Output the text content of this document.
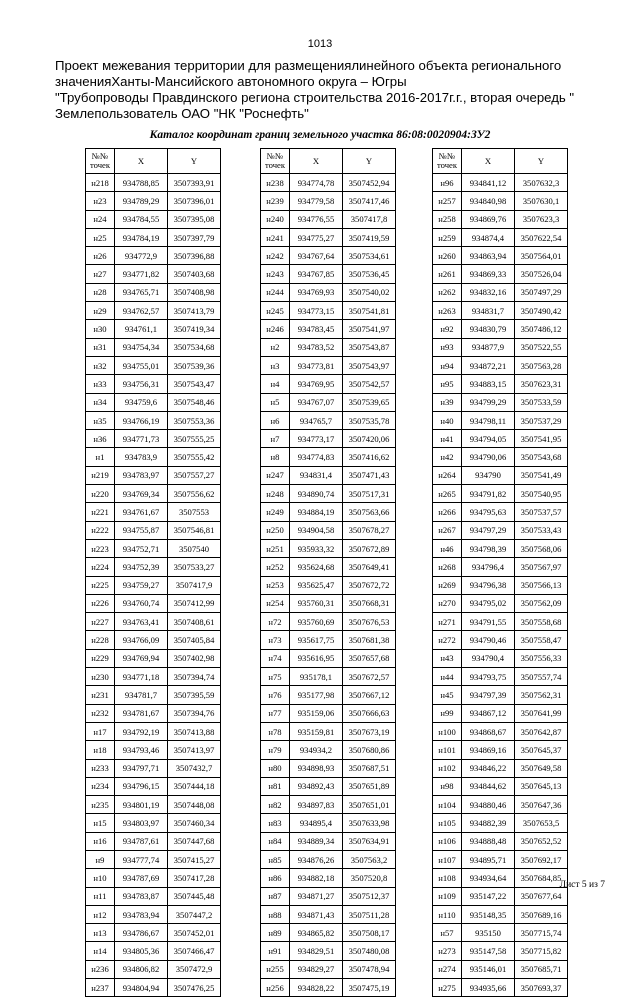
1013
Проект межевания территории для размещениялинейного объекта регионального
значенияХанты-Мансийского автономного округа – Югры
"Трубопроводы Правдинского региона строительства 2016-2017г.г., вторая очередь "
Землепользователь ОАО "НК "Роснефть"
Каталог координат границ земельного участка 86:08:0020904:ЗУ2
№№
точек	X	Y
н218	934788,85	3507393,91
н23	934789,29	3507396,01
н24	934784,55	3507395,08
н25	934784,19	3507397,79
н26	934772,9	3507396,88
н27	934771,82	3507403,68
н28	934765,71	3507408,98
н29	934762,57	3507413,79
н30	934761,1	3507419,34
н31	934754,34	3507534,68
н32	934755,01	3507539,36
н33	934756,31	3507543,47
н34	934759,6	3507548,46
н35	934766,19	3507553,36
н36	934771,73	3507555,25
н1	934783,9	3507555,42
н219	934783,97	3507557,27
н220	934769,34	3507556,62
н221	934761,67	3507553
н222	934755,87	3507546,81
н223	934752,71	3507540
н224	934752,39	3507533,27
н225	934759,27	3507417,9
н226	934760,74	3507412,99
н227	934763,41	3507408,61
н228	934766,09	3507405,84
н229	934769,94	3507402,98
н230	934771,18	3507394,74
н231	934781,7	3507395,59
н232	934781,67	3507394,76
н17	934792,19	3507413,88
н18	934793,46	3507413,97
н233	934797,71	3507432,7
н234	934796,15	3507444,18
н235	934801,19	3507448,08
н15	934803,97	3507460,34
н16	934787,61	3507447,68
н9	934777,74	3507415,27
н10	934787,69	3507417,28
н11	934783,87	3507445,48
н12	934783,94	3507447,2
н13	934786,67	3507452,01
н14	934805,36	3507466,47
н236	934806,82	3507472,9
н237	934804,94	3507476,25
№№
точек	X	Y
н238	934774,78	3507452,94
н239	934779,58	3507417,46
н240	934776,55	3507417,8
н241	934775,27	3507419,59
н242	934767,64	3507534,61
н243	934767,85	3507536,45
н244	934769,93	3507540,02
н245	934773,15	3507541,81
н246	934783,45	3507541,97
н2	934783,52	3507543,87
н3	934773,81	3507543,97
н4	934769,95	3507542,57
н5	934767,07	3507539,65
н6	934765,7	3507535,78
н7	934773,17	3507420,06
н8	934774,83	3507416,62
н247	934831,4	3507471,43
н248	934890,74	3507517,31
н249	934884,19	3507563,66
н250	934904,58	3507678,27
н251	935933,32	3507672,89
н252	935624,68	3507649,41
н253	935625,47	3507672,72
н254	935760,31	3507668,31
н72	935760,69	3507676,53
н73	935617,75	3507681,38
н74	935616,95	3507657,68
н75	935178,1	3507672,57
н76	935177,98	3507667,12
н77	935159,06	3507666,63
н78	935159,81	3507673,19
н79	934934,2	3507680,86
н80	934898,93	3507687,51
н81	934892,43	3507651,89
н82	934897,83	3507651,01
н83	934895,4	3507633,98
н84	934889,34	3507634,91
н85	934876,26	3507563,2
н86	934882,18	3507520,8
н87	934871,27	3507512,37
н88	934871,43	3507511,28
н89	934865,82	3507508,17
н91	934829,51	3507480,08
н255	934829,27	3507478,94
н256	934828,22	3507475,19
№№
точек	X	Y
н96	934841,12	3507632,3
н257	934840,98	3507630,1
н258	934869,76	3507623,3
н259	934874,4	3507622,54
н260	934863,94	3507564,01
н261	934869,33	3507526,04
н262	934832,16	3507497,29
н263	934831,7	3507490,42
н92	934830,79	3507486,12
н93	934877,9	3507522,55
н94	934872,21	3507563,28
н95	934883,15	3507623,31
н39	934799,29	3507533,59
н40	934798,11	3507537,29
н41	934794,05	3507541,95
н42	934790,06	3507543,68
н264	934790	3507541,49
н265	934791,82	3507540,95
н266	934795,63	3507537,57
н267	934797,29	3507533,43
н46	934798,39	3507568,06
н268	934796,4	3507567,97
н269	934796,38	3507566,13
н270	934795,02	3507562,09
н271	934791,55	3507558,68
н272	934790,46	3507558,47
н43	934790,4	3507556,33
н44	934793,75	3507557,74
н45	934797,39	3507562,31
н99	934867,12	3507641,99
н100	934868,67	3507642,87
н101	934869,16	3507645,37
н102	934846,22	3507649,58
н98	934844,62	3507645,13
н104	934880,46	3507647,36
н105	934882,39	3507653,5
н106	934888,48	3507652,52
н107	934895,71	3507692,17
н108	934934,64	3507684,85
н109	935147,22	3507677,64
н110	935148,35	3507689,16
н57	935150	3507715,74
н273	935147,58	3507715,82
н274	935146,01	3507685,71
н275	934935,66	3507693,37
Лист 5 из 7
